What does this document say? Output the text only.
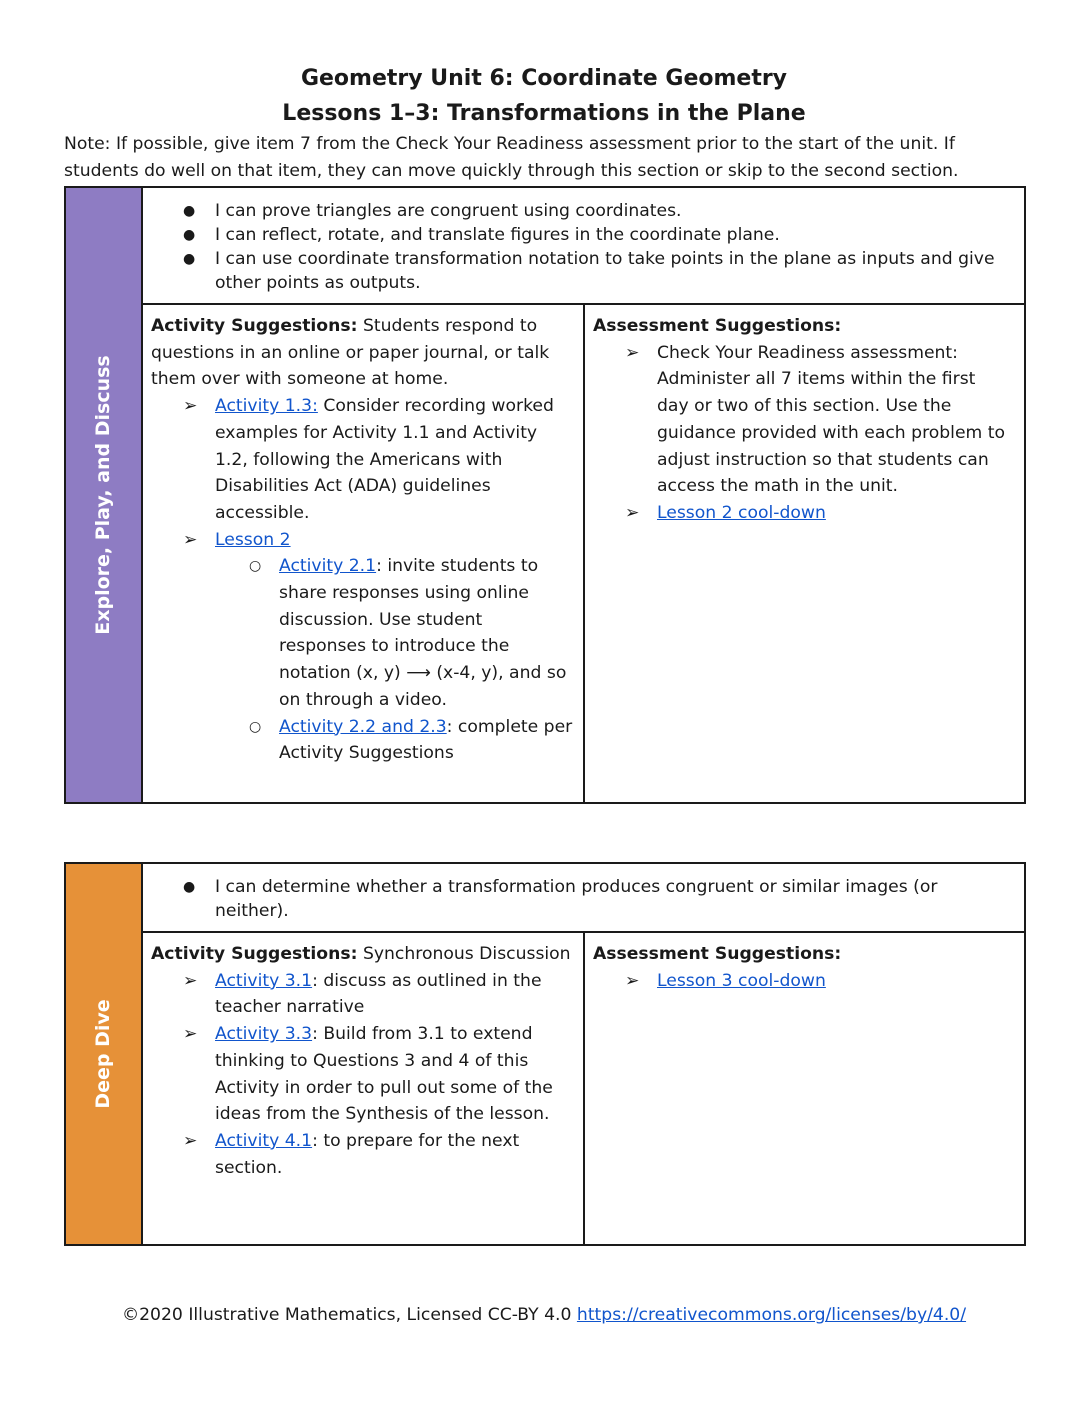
Geometry Unit 6: Coordinate Geometry
Lessons 1–3: Transformations in the Plane
Note: If possible, give item 7 from the Check Your Readiness assessment prior to the start of the unit. If students do well on that item, they can move quickly through this section or skip to the second section.
Explore, Play, and Discuss
● I can prove triangles are congruent using coordinates.
● I can reflect, rotate, and translate figures in the coordinate plane.
● I can use coordinate transformation notation to take points in the plane as inputs and give other points as outputs.
Activity Suggestions: Students respond to questions in an online or paper journal, or talk them over with someone at home.
➢ Activity 1.3: Consider recording worked examples for Activity 1.1 and Activity 1.2, following the Americans with Disabilities Act (ADA) guidelines accessible.
➢ Lesson 2
○ Activity 2.1: invite students to share responses using online discussion. Use student responses to introduce the notation (x, y) ⟶ (x-4, y), and so on through a video.
○ Activity 2.2 and 2.3: complete per Activity Suggestions
Assessment Suggestions:
➢ Check Your Readiness assessment: Administer all 7 items within the first day or two of this section. Use the guidance provided with each problem to adjust instruction so that students can access the math in the unit.
➢ Lesson 2 cool-down
Deep Dive
● I can determine whether a transformation produces congruent or similar images (or neither).
Activity Suggestions: Synchronous Discussion
➢ Activity 3.1: discuss as outlined in the teacher narrative
➢ Activity 3.3: Build from 3.1 to extend thinking to Questions 3 and 4 of this Activity in order to pull out some of the ideas from the Synthesis of the lesson.
➢ Activity 4.1: to prepare for the next section.
Assessment Suggestions:
➢ Lesson 3 cool-down
©2020 Illustrative Mathematics, Licensed CC-BY 4.0 https://creativecommons.org/licenses/by/4.0/
